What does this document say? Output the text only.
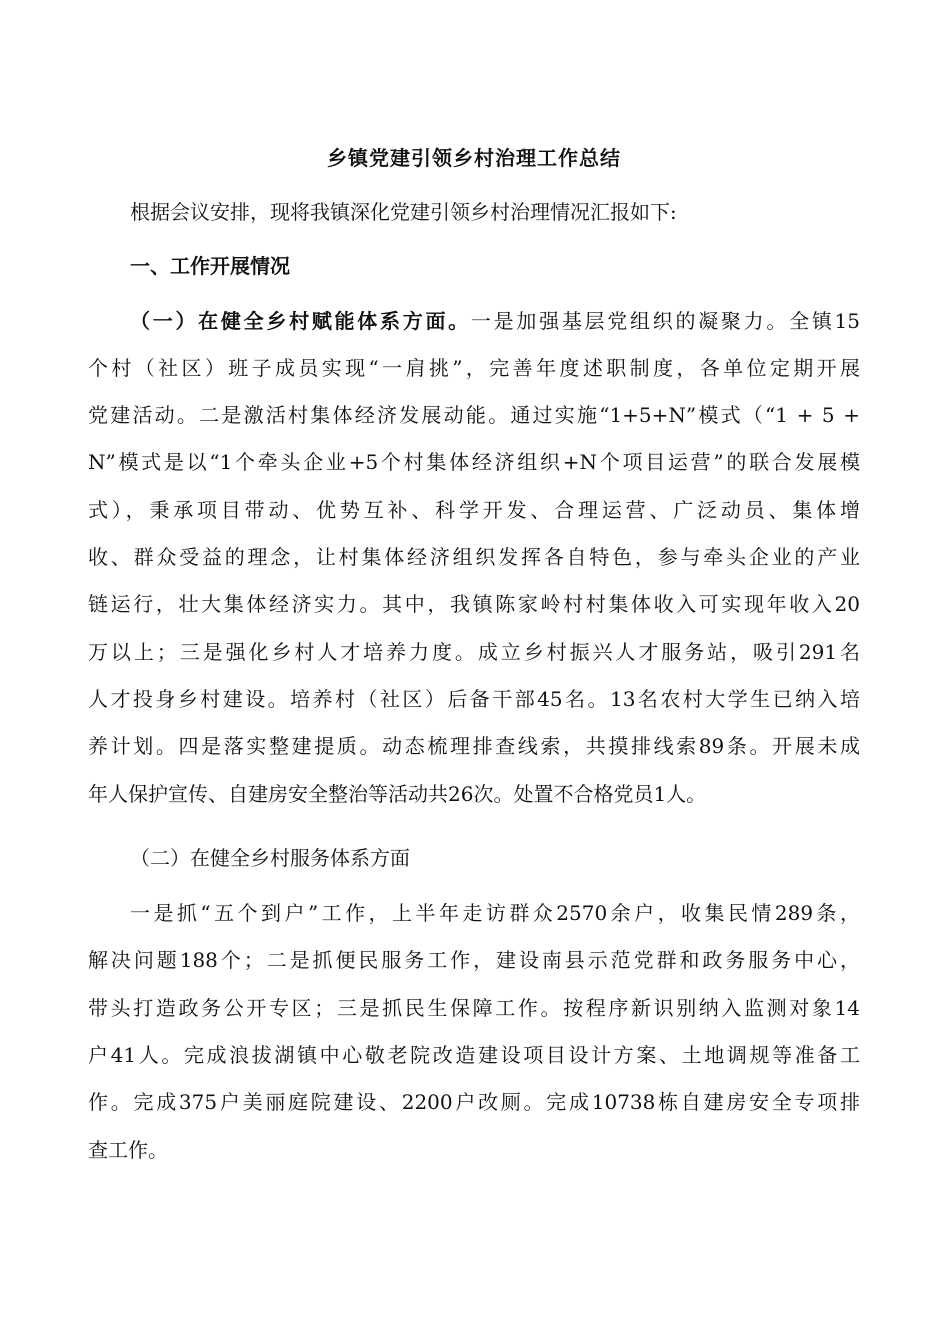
乡镇党建引领乡村治理工作总结
根据会议安排，现将我镇深化党建引领乡村治理情况汇报如下:
一、工作开展情况
（一）在健全乡村赋能体系方面。一是加强基层党组织的凝聚力。全镇15
个村（社区）班子成员实现“一肩挑”，完善年度述职制度，各单位定期开展
党建活动。二是激活村集体经济发展动能。通过实施“1+5+N”模式（“1 + 5 +
N”模式是以“1个牵头企业+5个村集体经济组织+N个项目运营”的联合发展模
式），秉承项目带动、优势互补、科学开发、合理运营、广泛动员、集体增
收、群众受益的理念，让村集体经济组织发挥各自特色，参与牵头企业的产业
链运行，壮大集体经济实力。其中，我镇陈家岭村村集体收入可实现年收入20
万以上；三是强化乡村人才培养力度。成立乡村振兴人才服务站，吸引291名
人才投身乡村建设。培养村（社区）后备干部45名。13名农村大学生已纳入培
养计划。四是落实整建提质。动态梳理排查线索，共摸排线索89条。开展未成
年人保护宣传、自建房安全整治等活动共26次。处置不合格党员1人。
（二）在健全乡村服务体系方面
一是抓“五个到户”工作，上半年走访群众2570余户，收集民情289条，
解决问题188个；二是抓便民服务工作，建设南县示范党群和政务服务中心，
带头打造政务公开专区；三是抓民生保障工作。按程序新识别纳入监测对象14
户41人。完成浪拔湖镇中心敬老院改造建设项目设计方案、土地调规等准备工
作。完成375户美丽庭院建设、2200户改厕。完成10738栋自建房安全专项排
查工作。
